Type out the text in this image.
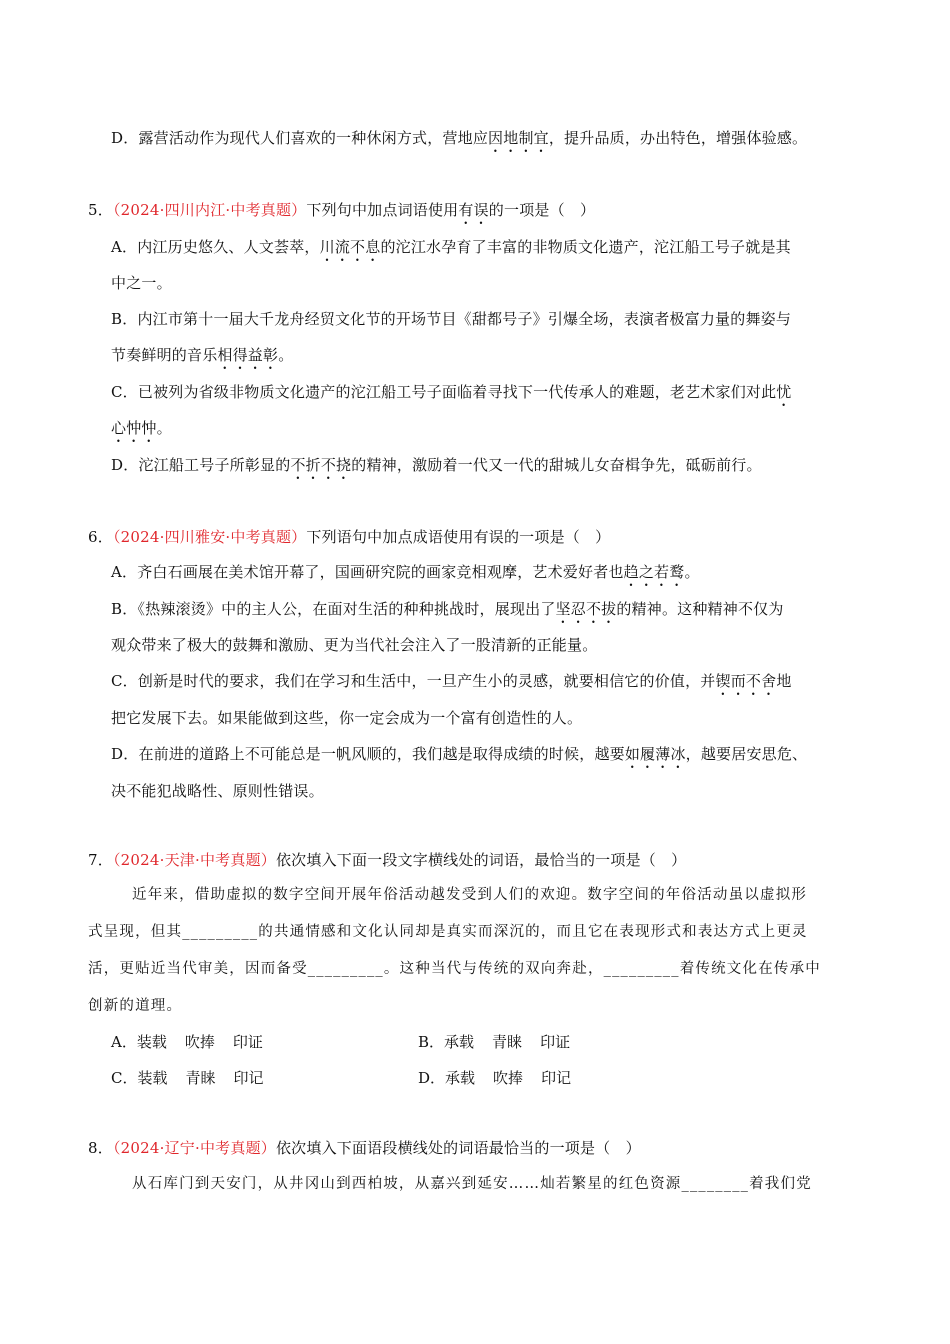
D．露营活动作为现代人们喜欢的一种休闲方式，营地应因地制宜，提升品质，办出特色，增强体验感。
5．（2024·四川内江·中考真题）下列句中加点词语使用有误的一项是（　）
A．内江历史悠久、人文荟萃，川流不息的沱江水孕育了丰富的非物质文化遗产，沱江船工号子就是其
中之一。
B．内江市第十一届大千龙舟经贸文化节的开场节目《甜都号子》引爆全场，表演者极富力量的舞姿与
节奏鲜明的音乐相得益彰。
C．已被列为省级非物质文化遗产的沱江船工号子面临着寻找下一代传承人的难题，老艺术家们对此忧
心忡忡。
D．沱江船工号子所彰显的不折不挠的精神，激励着一代又一代的甜城儿女奋楫争先，砥砺前行。
6．（2024·四川雅安·中考真题）下列语句中加点成语使用有误的一项是（　）
A．齐白石画展在美术馆开幕了，国画研究院的画家竞相观摩，艺术爱好者也趋之若鹜。
B．《热辣滚烫》中的主人公，在面对生活的种种挑战时，展现出了坚忍不拔的精神。这种精神不仅为
观众带来了极大的鼓舞和激励、更为当代社会注入了一股清新的正能量。
C．创新是时代的要求，我们在学习和生活中，一旦产生小的灵感，就要相信它的价值，并锲而不舍地
把它发展下去。如果能做到这些，你一定会成为一个富有创造性的人。
D．在前进的道路上不可能总是一帆风顺的，我们越是取得成绩的时候，越要如履薄冰，越要居安思危、
决不能犯战略性、原则性错误。
7．（2024·天津·中考真题）依次填入下面一段文字横线处的词语，最恰当的一项是（　）
近年来，借助虚拟的数字空间开展年俗活动越发受到人们的欢迎。数字空间的年俗活动虽以虚拟形
式呈现，但其_________的共通情感和文化认同却是真实而深沉的，而且它在表现形式和表达方式上更灵
活，更贴近当代审美，因而备受_________。这种当代与传统的双向奔赴，_________着传统文化在传承中
创新的道理。
A．装载 吹捧 印证	B．承载 青睐 印证
C．装载 青睐 印记	D．承载 吹捧 印记
8．（2024·辽宁·中考真题）依次填入下面语段横线处的词语最恰当的一项是（　）
从石库门到天安门，从井冈山到西柏坡，从嘉兴到延安……灿若繁星的红色资源________着我们党
